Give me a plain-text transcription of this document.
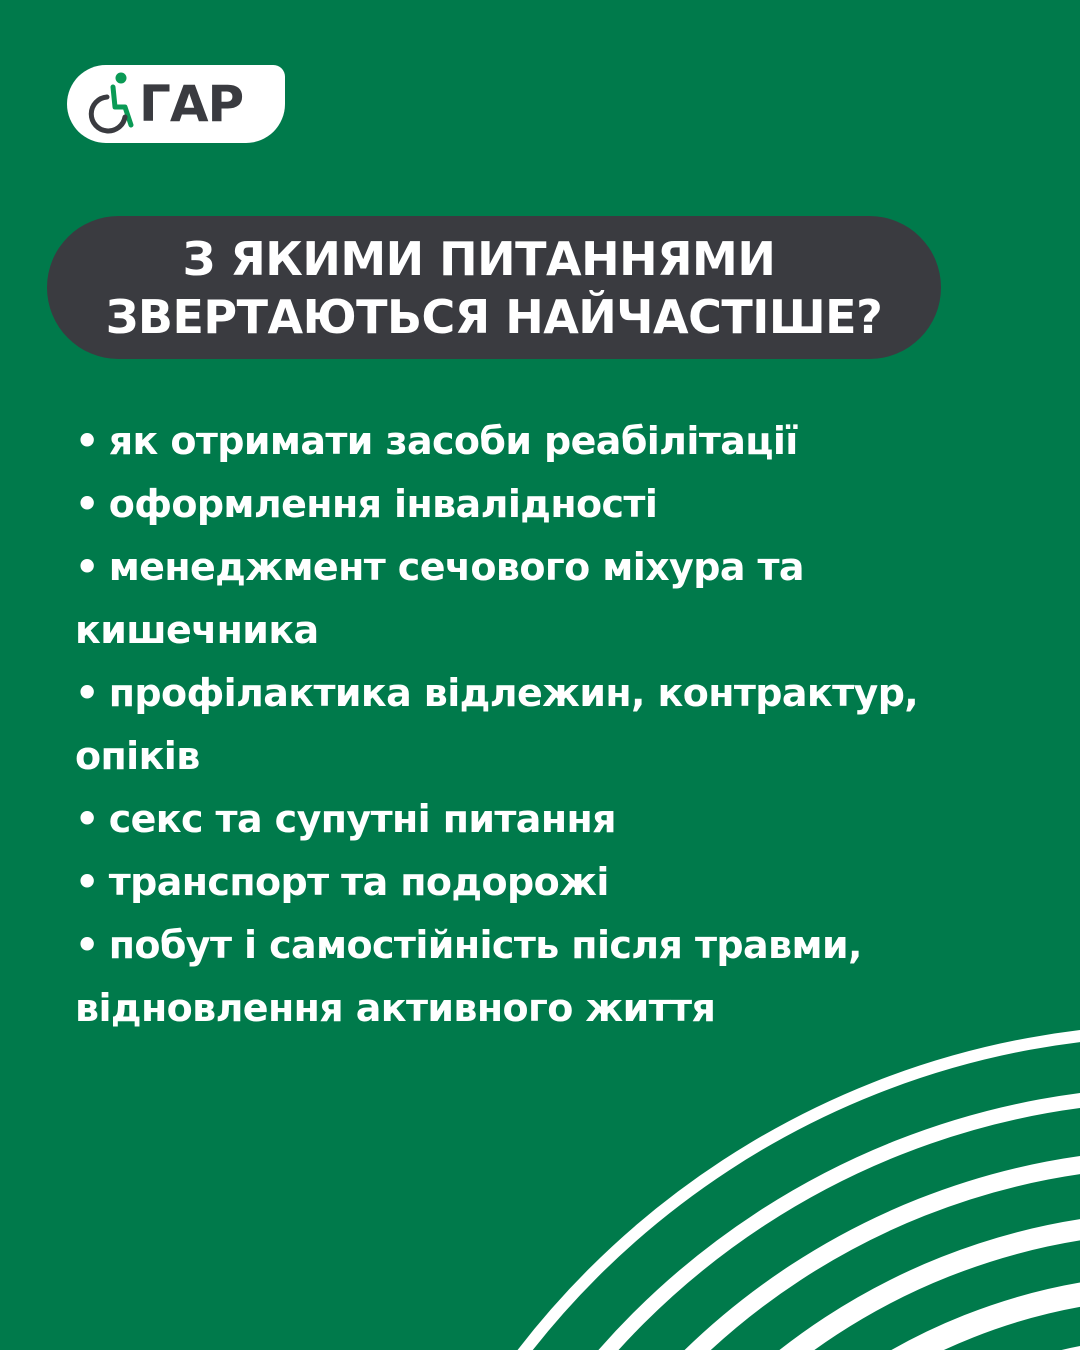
ГАР
З ЯКИМИ ПИТАННЯМИ
ЗВЕРТАЮТЬСЯ НАЙЧАСТІШЕ?
• як отримати засоби реабілітації
• оформлення інвалідності
• менеджмент сечового міхура та кишечника
• профілактика відлежин, контрактур, опіків
• секс та супутні питання
• транспорт та подорожі
• побут і самостійність після травми, відновлення активного життя
